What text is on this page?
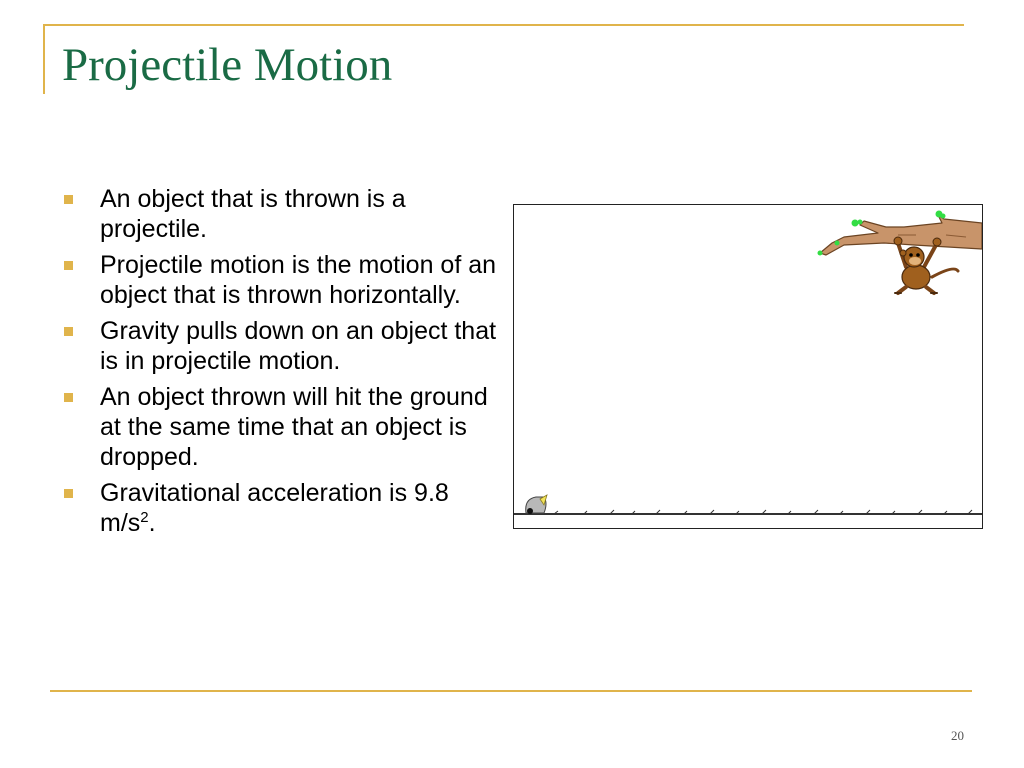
Projectile Motion
An object that is thrown is a projectile.
Projectile motion is the motion of an object that is thrown horizontally.
Gravity pulls down on an object that is in projectile motion.
An object thrown will hit the ground at the same time that an object is dropped.
Gravitational acceleration is 9.8 $m/s^2$.
20
